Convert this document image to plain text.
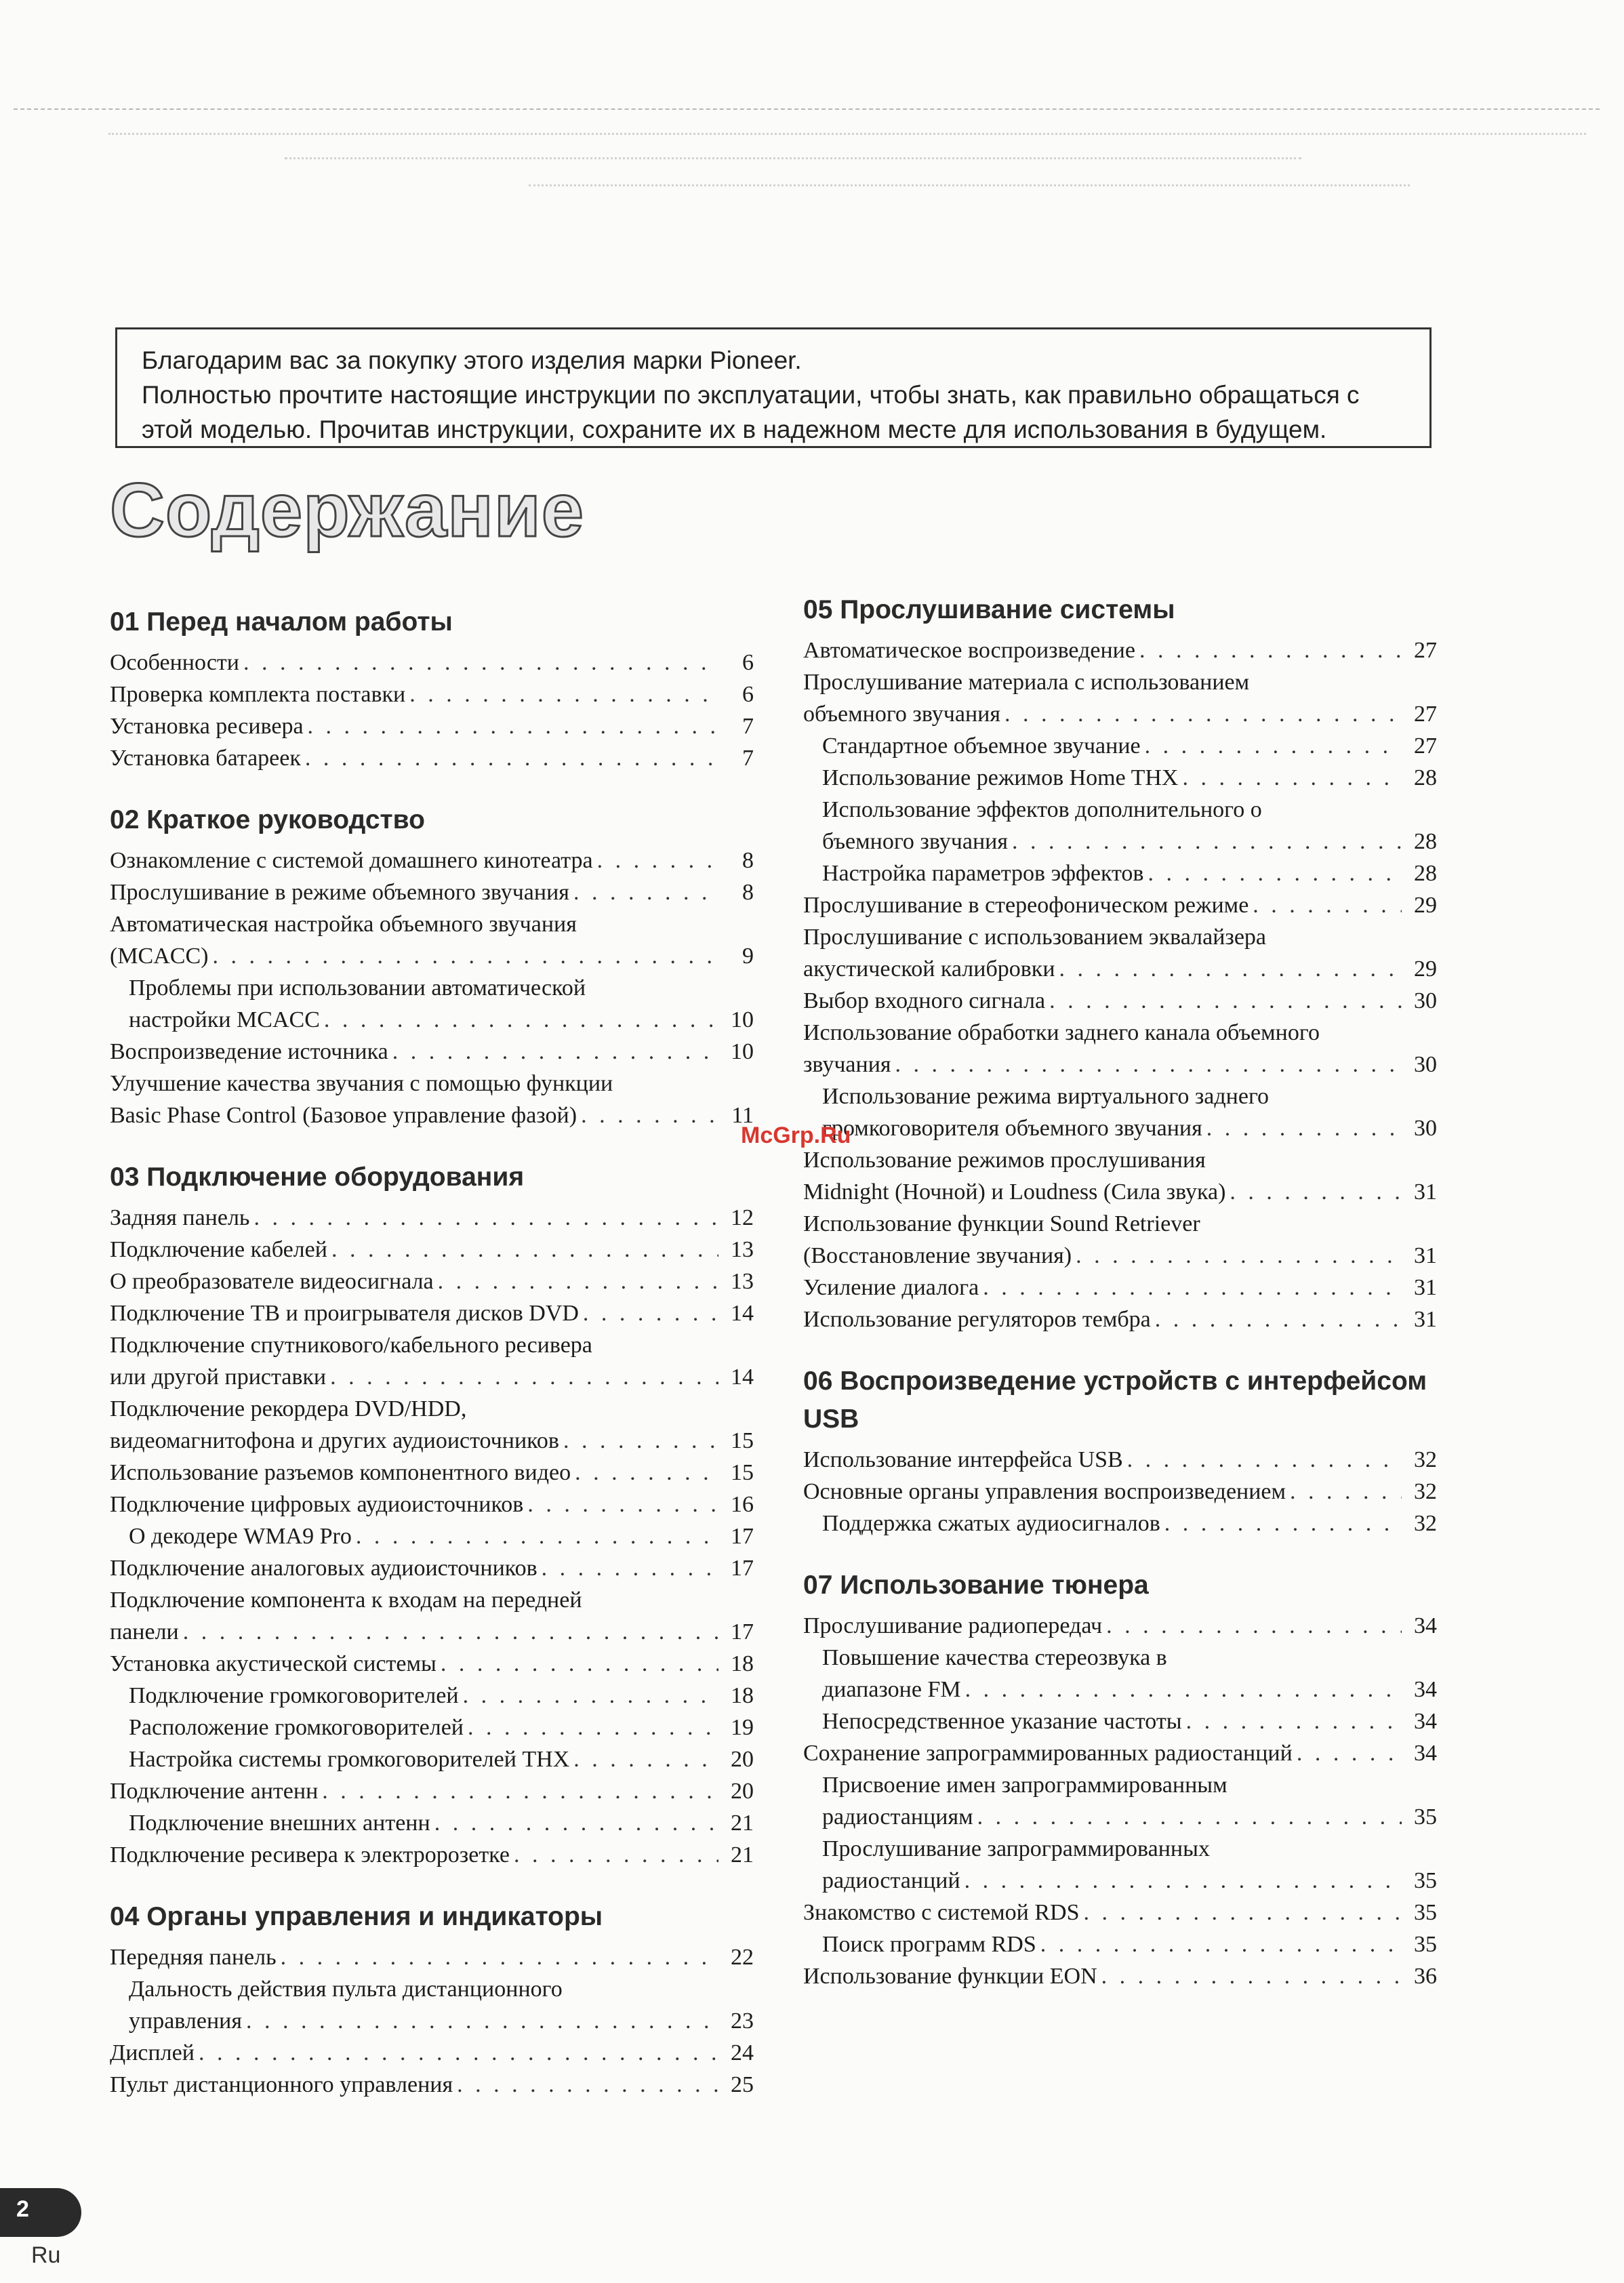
Благодарим вас за покупку этого изделия марки Pioneer.
Полностью прочтите настоящие инструкции по эксплуатации, чтобы знать, как правильно обращаться с
этой моделью. Прочитав инструкции, сохраните их в надежном месте для использования в будущем.
Содержание
01 Перед началом работы
Особенности . . .	6
Проверка комплекта поставки . . .	6
Установка ресивера . . .	7
Установка батареек . . .	7
02 Краткое руководство
Ознакомление с системой домашнего кинотеатра . . .	8
Прослушивание в режиме объемного звучания . . .	8
Автоматическая настройка объемного звучания
(MCACC) . . .	9
Проблемы при использовании автоматической
настройки MCACC . . .	10
Воспроизведение источника . . .	10
Улучшение качества звучания с помощью функции
Basic Phase Control (Базовое управление фазой) . . .	11
03 Подключение оборудования
Задняя панель . . .	12
Подключение кабелей . . .	13
О преобразователе видеосигнала . . .	13
Подключение ТВ и проигрывателя дисков DVD . . .	14
Подключение спутникового/кабельного ресивера
или другой приставки . . .	14
Подключение рекордера DVD/HDD,
видеомагнитофона и других аудиоисточников . . .	15
Использование разъемов компонентного видео . . .	15
Подключение цифровых аудиоисточников . . .	16
О декодере WMA9 Pro . . .	17
Подключение аналоговых аудиоисточников . . .	17
Подключение компонента к входам на передней
панели . . .	17
Установка акустической системы . . .	18
Подключение громкоговорителей . . .	18
Расположение громкоговорителей . . .	19
Настройка системы громкоговорителей THX . . .	20
Подключение антенн . . .	20
Подключение внешних антенн . . .	21
Подключение ресивера к электророзетке . . .	21
04 Органы управления и индикаторы
Передняя панель . . .	22
Дальность действия пульта дистанционного
управления . . .	23
Дисплей . . .	24
Пульт дистанционного управления . . .	25
05 Прослушивание системы
Автоматическое воспроизведение . . .	27
Прослушивание материала с использованием
объемного звучания . . .	27
Стандартное объемное звучание . . .	27
Использование режимов Home THX . . .	28
Использование эффектов дополнительного о
бъемного звучания . . .	28
Настройка параметров эффектов . . .	28
Прослушивание в стереофоническом режиме . . .	29
Прослушивание с использованием эквалайзера
акустической калибровки . . .	29
Выбор входного сигнала . . .	30
Использование обработки заднего канала объемного
звучания . . .	30
Использование режима виртуального заднего
громкоговорителя объемного звучания . . .	30
Использование режимов прослушивания
Midnight (Ночной) и Loudness (Сила звука) . . .	31
Использование функции Sound Retriever
(Восстановление звучания) . . .	31
Усиление диалога . . .	31
Использование регуляторов тембра . . .	31
06 Воспроизведение устройств с интерфейсом USB
Использование интерфейса USB . . .	32
Основные органы управления воспроизведением . . .	32
Поддержка сжатых аудиосигналов . . .	32
07 Использование тюнера
Прослушивание радиопередач . . .	34
Повышение качества стереозвука в
диапазоне FM . . .	34
Непосредственное указание частоты . . .	34
Сохранение запрограммированных радиостанций . . .	34
Присвоение имен запрограммированным
радиостанциям . . .	35
Прослушивание запрограммированных
радиостанций . . .	35
Знакомство с системой RDS . . .	35
Поиск программ RDS . . .	35
Использование функции EON . . .	36
McGrp.Ru
2
Ru
